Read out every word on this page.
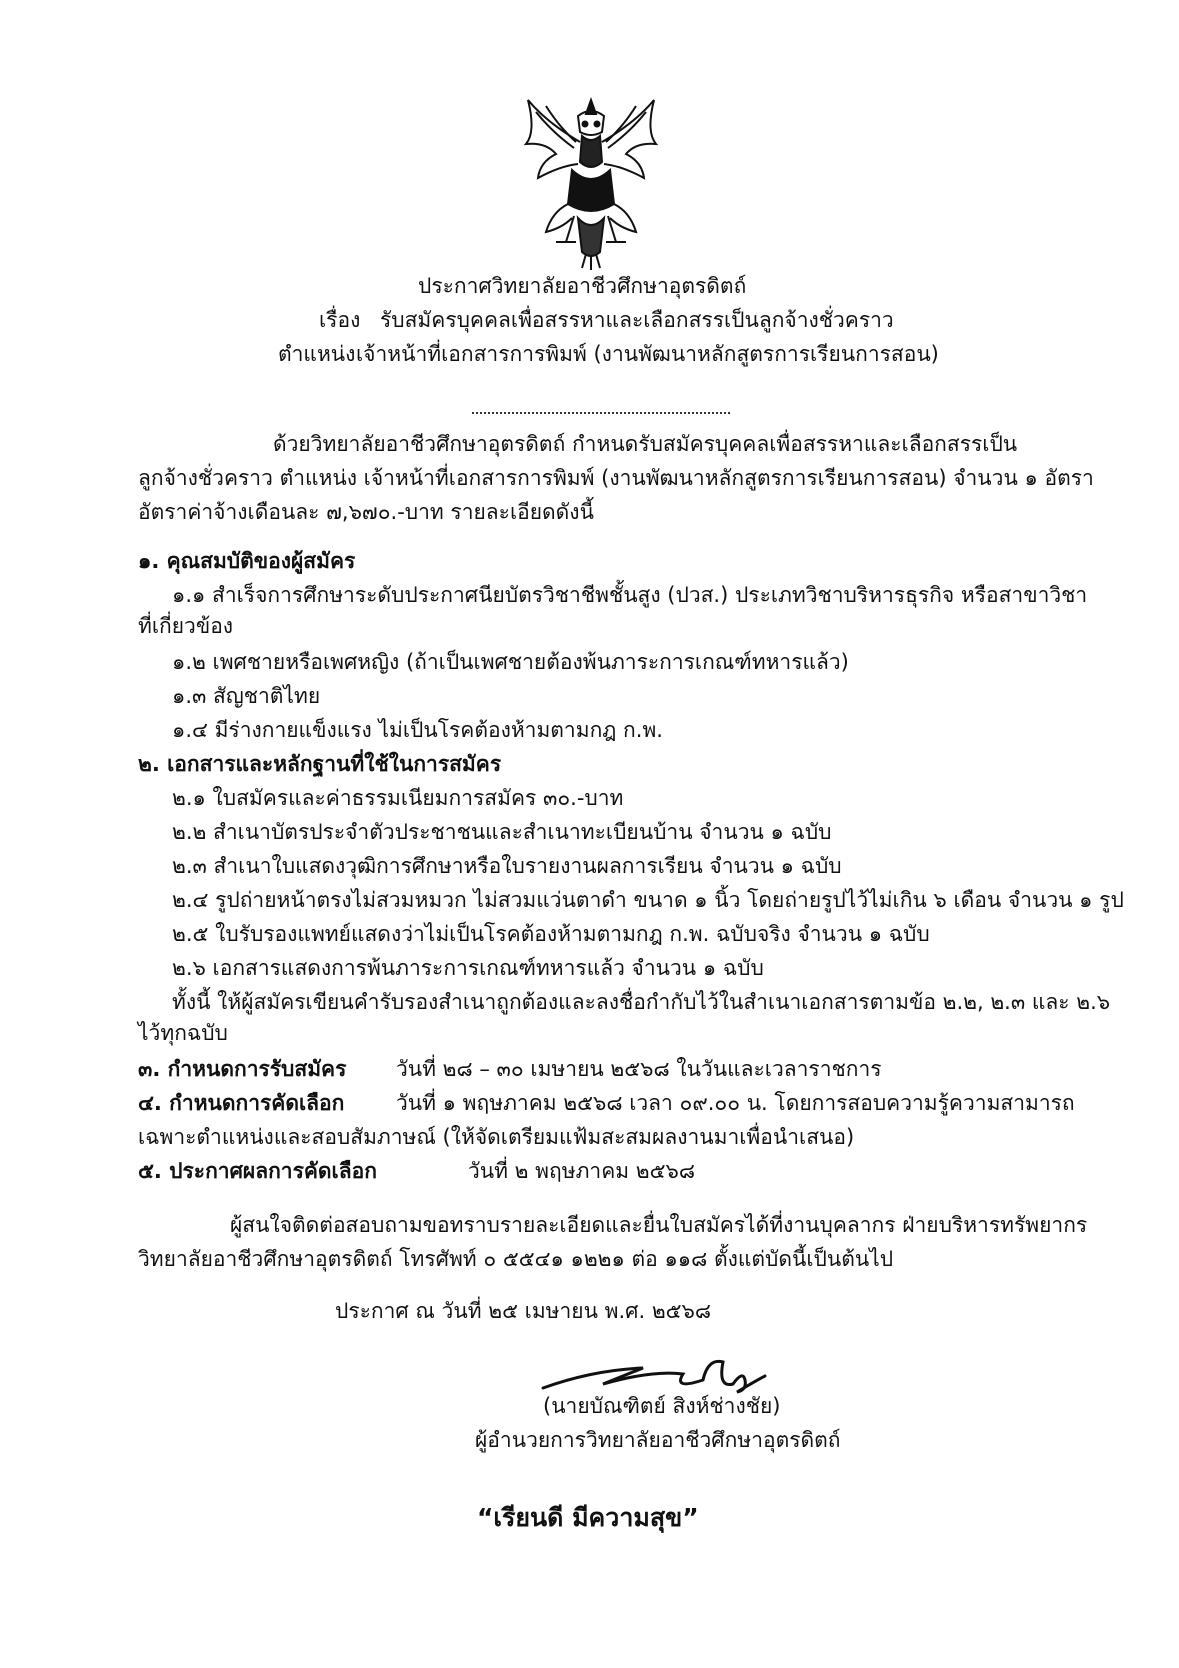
ประกาศวิทยาลัยอาชีวศึกษาอุตรดิตถ์
เรื่อง รับสมัครบุคคลเพื่อสรรหาและเลือกสรรเป็นลูกจ้างชั่วคราว
ตำแหน่ง เจ้าหน้าที่เอกสารการพิมพ์ (งานพัฒนาหลักสูตรการเรียนการสอน)
ด้วยวิทยาลัยอาชีวศึกษาอุตรดิตถ์ กำหนดรับสมัครบุคคลเพื่อสรรหาและเลือกสรรเป็น
ลูกจ้างชั่วคราว ตำแหน่ง เจ้าหน้าที่เอกสารการพิมพ์ (งานพัฒนาหลักสูตรการเรียนการสอน) จำนวน ๑ อัตรา
อัตราค่าจ้างเดือนละ ๗,๖๗๐.-บาท รายละเอียดดังนี้
๑. คุณสมบัติของผู้สมัคร
๑.๑ สำเร็จการศึกษาระดับประกาศนียบัตรวิชาชีพชั้นสูง (ปวส.) ประเภทวิชาบริหารธุรกิจ หรือสาขาวิชา
ที่เกี่ยวข้อง
๑.๒ เพศชายหรือเพศหญิง (ถ้าเป็นเพศชายต้องพ้นภาระการเกณฑ์ทหารแล้ว)
๑.๓ สัญชาติไทย
๑.๔ มีร่างกายแข็งแรง ไม่เป็นโรคต้องห้ามตามกฎ ก.พ.
๒. เอกสารและหลักฐานที่ใช้ในการสมัคร
๒.๑ ใบสมัครและค่าธรรมเนียมการสมัคร ๓๐.-บาท
๒.๒ สำเนาบัตรประจำตัวประชาชนและสำเนาทะเบียนบ้าน จำนวน ๑ ฉบับ
๒.๓ สำเนาใบแสดงวุฒิการศึกษาหรือใบรายงานผลการเรียน จำนวน ๑ ฉบับ
๒.๔ รูปถ่ายหน้าตรงไม่สวมหมวก ไม่สวมแว่นตาดำ ขนาด ๑ นิ้ว โดยถ่ายรูปไว้ไม่เกิน ๖ เดือน จำนวน ๑ รูป
๒.๕ ใบรับรองแพทย์แสดงว่าไม่เป็นโรคต้องห้ามตามกฎ ก.พ. ฉบับจริง จำนวน ๑ ฉบับ
๒.๖ เอกสารแสดงการพ้นภาระการเกณฑ์ทหารแล้ว จำนวน ๑ ฉบับ
ทั้งนี้ ให้ผู้สมัครเขียนคำรับรองสำเนาถูกต้องและลงชื่อกำกับไว้ในสำเนาเอกสารตามข้อ ๒.๒, ๒.๓ และ ๒.๖
ไว้ทุกฉบับ
๓. กำหนดการรับสมัคร วันที่ ๒๘ – ๓๐ เมษายน ๒๕๖๘ ในวันและเวลาราชการ
๔. กำหนดการคัดเลือก วันที่ ๑ พฤษภาคม ๒๕๖๘ เวลา ๐๙.๐๐ น. โดยการสอบความรู้ความสามารถ
เฉพาะตำแหน่งและสอบสัมภาษณ์ (ให้จัดเตรียมแฟ้มสะสมผลงานมาเพื่อนำเสนอ)
๕. ประกาศผลการคัดเลือก	วันที่ ๒ พฤษภาคม ๒๕๖๘
ผู้สนใจติดต่อสอบถามขอทราบรายละเอียดและยื่นใบสมัครได้ที่งานบุคลากร ฝ่ายบริหารทรัพยากร
วิทยาลัยอาชีวศึกษาอุตรดิตถ์ โทรศัพท์ ๐ ๕๕๔๑ ๑๒๒๑ ต่อ ๑๑๘ ตั้งแต่บัดนี้เป็นต้นไป
ประกาศ ณ วันที่ ๒๕ เมษายน พ.ศ. ๒๕๖๘
(นายบัณฑิตย์ สิงห์ช่างชัย)
ผู้อำนวยการวิทยาลัยอาชีวศึกษาอุตรดิตถ์
“เรียนดี มีความสุข”
